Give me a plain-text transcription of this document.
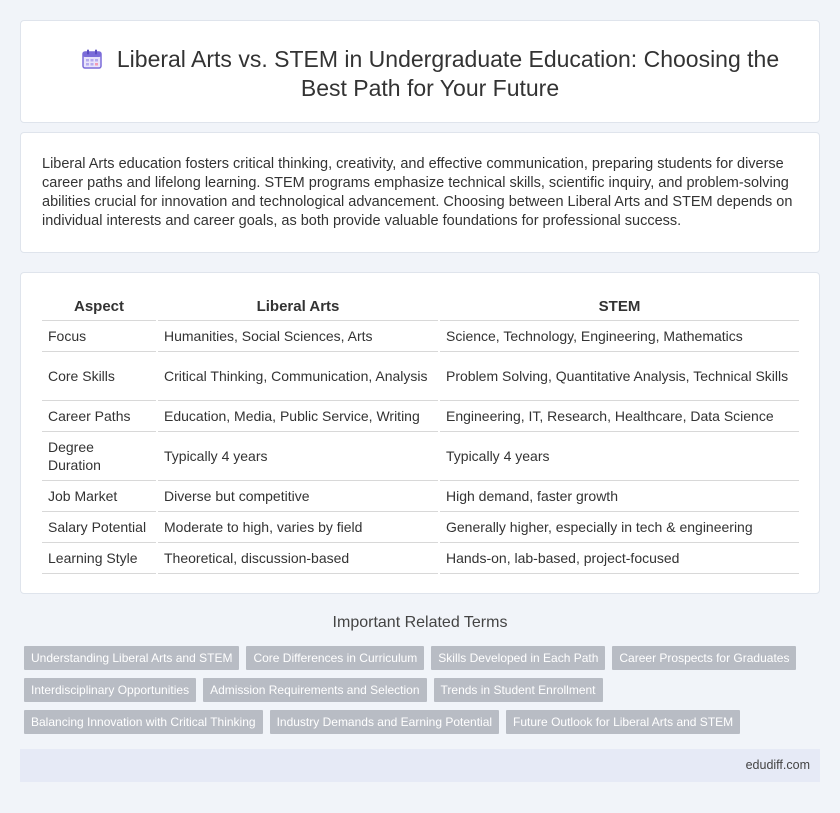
Liberal Arts vs. STEM in Undergraduate Education: Choosing the Best Path for Your Future

Liberal Arts education fosters critical thinking, creativity, and effective communication, preparing students for diverse career paths and lifelong learning. STEM programs emphasize technical skills, scientific inquiry, and problem-solving abilities crucial for innovation and technological advancement. Choosing between Liberal Arts and STEM depends on individual interests and career goals, as both provide valuable foundations for professional success.

Aspect	Liberal Arts	STEM
Focus	Humanities, Social Sciences, Arts	Science, Technology, Engineering, Mathematics
Core Skills	Critical Thinking, Communication, Analysis	Problem Solving, Quantitative Analysis, Technical Skills
Career Paths	Education, Media, Public Service, Writing	Engineering, IT, Research, Healthcare, Data Science
Degree Duration	Typically 4 years	Typically 4 years
Job Market	Diverse but competitive	High demand, faster growth
Salary Potential	Moderate to high, varies by field	Generally higher, especially in tech & engineering
Learning Style	Theoretical, discussion-based	Hands-on, lab-based, project-focused
Important Related Terms
Understanding Liberal Arts and STEM	Core Differences in Curriculum	Skills Developed in Each Path	Career Prospects for Graduates
Interdisciplinary Opportunities	Admission Requirements and Selection	Trends in Student Enrollment
Balancing Innovation with Critical Thinking	Industry Demands and Earning Potential	Future Outlook for Liberal Arts and STEM
edudiff.com
